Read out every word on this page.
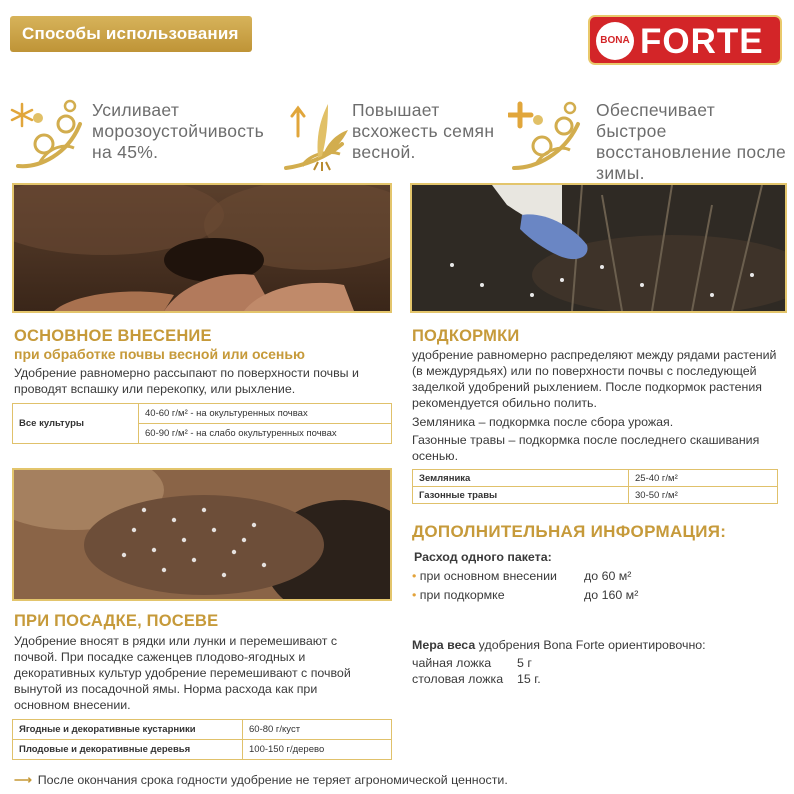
Способы использования	BONA FORTE
Усиливает
морозоустойчивость
на 45%.
Повышает
всхожесть семян
весной.
Обеспечивает быстрое
восстановление после
зимы.
ОСНОВНОЕ ВНЕСЕНИЕ
при обработке почвы весной или осенью
Удобрение равномерно рассыпают по поверхности почвы и
проводят вспашку или перекопку, или рыхление.
Все культуры	40-60 г/м² - на окультуренных почвах
60-90 г/м² - на слабо окультуренных почвах
ПОДКОРМКИ
удобрение равномерно распределяют между рядами растений
(в междурядьях) или по поверхности почвы с последующей
заделкой удобрений рыхлением. После подкормок растения
рекомендуется обильно полить.
Земляника – подкормка после сбора урожая.
Газонные травы – подкормка после последнего скашивания
осенью.
Земляника	25-40 г/м²
Газонные травы	30-50 г/м²
ПРИ ПОСАДКЕ, ПОСЕВЕ
Удобрение вносят в рядки или лунки и перемешивают с
почвой. При посадке саженцев плодово-ягодных и
декоративных культур удобрение перемешивают с почвой
вынутой из посадочной ямы. Норма расхода как при
основном внесении.
Ягодные и декоративные кустарники	60-80 г/куст
Плодовые и декоративные деревья	100-150 г/дерево
ДОПОЛНИТЕЛЬНАЯ ИНФОРМАЦИЯ:
Расход одного пакета:
• при основном внесении до 60 м²
• при подкормке	до 160 м²
Мера веса удобрения Bona Forte ориентировочно:
чайная ложка 5 г
столовая ложка 15 г.
⟶ После окончания срока годности удобрение не теряет агрономической ценности.
